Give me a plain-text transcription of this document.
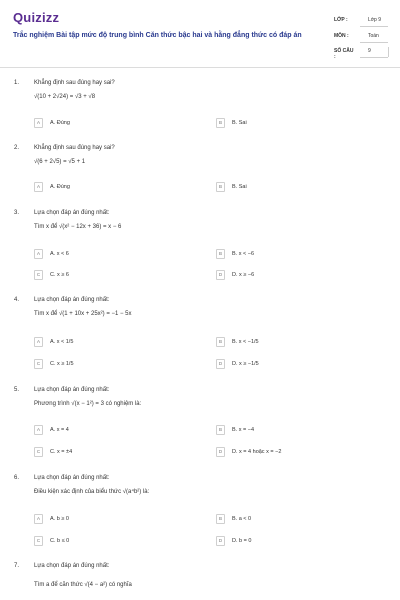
Quizizz
Trắc nghiệm Bài tập mức độ trung bình Căn thức bậc hai và hằng đẳng thức có đáp án
LỚP :	Lớp 9
MÔN :	Toán
SỐ CÂU :
9
1. Khẳng định sau đúng hay sai?
√(10 + 2√24) = √3 + √8
A	A. Đúng	B	B. Sai
2. Khẳng định sau đúng hay sai?
√(6 + 2√5) = √5 + 1
A	A. Đúng	B	B. Sai
3. Lựa chọn đáp án đúng nhất:
Tìm x để √(x² − 12x + 36) = x − 6
A	A. x < 6	B	B. x < −6
C	C. x ≥ 6	D	D. x ≥ −6
4. Lựa chọn đáp án đúng nhất:
Tìm x để √(1 + 10x + 25x²) = −1 − 5x
A	A. x < 1/5	B	B. x < −1/5
C	C. x ≥ 1/5	D	D. x ≥ −1/5
5. Lựa chọn đáp án đúng nhất:
Phương trình √(x − 1²) = 3 có nghiệm là:
A	A. x = 4	B	B. x = −4
C	C. x = ±4	D	D. x = 4 hoặc x = −2
6. Lựa chọn đáp án đúng nhất:
Điều kiện xác định của biểu thức √(a⁴b²) là:
A	A. b ≥ 0	B	B. a < 0
C	C. b ≤ 0	D	D. b = 0
7. Lựa chọn đáp án đúng nhất:
Tìm a để căn thức √(4 − a²) có nghĩa
